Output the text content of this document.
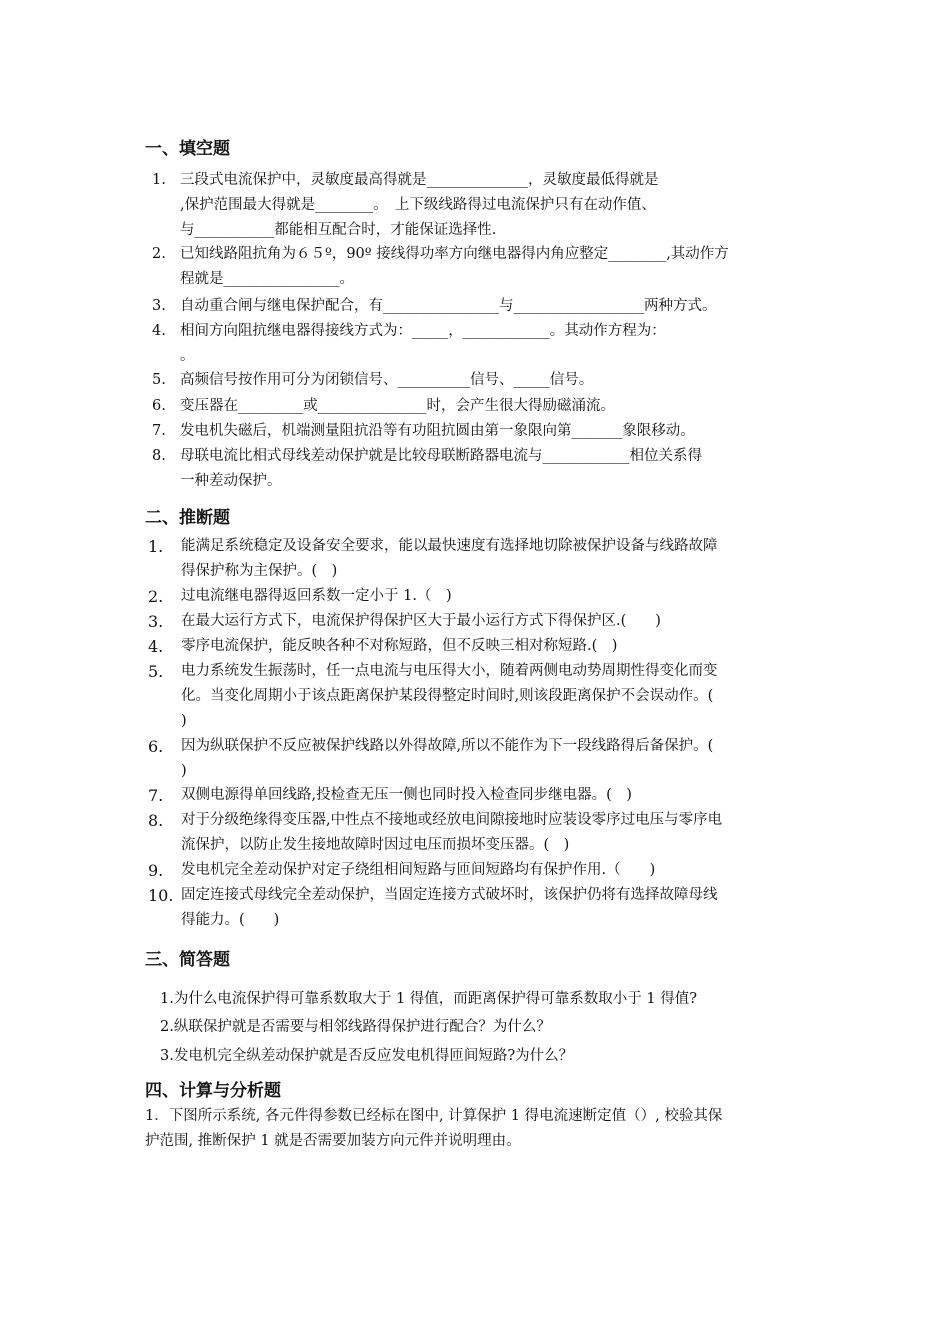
一、填空题
1. 三段式电流保护中，灵敏度最高得就是______________，灵敏度最低得就是
,保护范围最大得就是________。　上下级线路得过电流保护只有在动作值、
与___________都能相互配合时，才能保证选择性.
2. 已知线路阻抗角为６５º，90º 接线得功率方向继电器得内角应整定________,其动作方
程就是________________。
3. 自动重合闸与继电保护配合，有________________与__________________两种方式。
4. 相间方向阻抗继电器得接线方式为：_____，____________。其动作方程为：
。
5. 高频信号按作用可分为闭锁信号、__________信号、_____信号。
6. 变压器在_________或_______________时，会产生很大得励磁涌流。
7. 发电机失磁后，机端测量阻抗沿等有功阻抗圆由第一象限向第_______象限移动。
8. 母联电流比相式母线差动保护就是比较母联断路器电流与____________相位关系得
一种差动保护。
二、推断题
1.	能满足系统稳定及设备安全要求，能以最快速度有选择地切除被保护设备与线路故障
得保护称为主保护。(　)
2.	过电流继电器得返回系数一定小于 1.（　)
3.	在最大运行方式下，电流保护得保护区大于最小运行方式下得保护区.(　　)
4.	零序电流保护，能反映各种不对称短路，但不反映三相对称短路.(　)
5.	电力系统发生振荡时，任一点电流与电压得大小，随着两侧电动势周期性得变化而变
化。当变化周期小于该点距离保护某段得整定时间时,则该段距离保护不会误动作。(
)
6.	因为纵联保护不反应被保护线路以外得故障,所以不能作为下一段线路得后备保护。(
)
7.	双侧电源得单回线路,投检查无压一侧也同时投入检查同步继电器。(　)
8.	对于分级绝缘得变压器,中性点不接地或经放电间隙接地时应装设零序过电压与零序电
流保护，以防止发生接地故障时因过电压而损坏变压器。(　)
9.	发电机完全差动保护对定子绕组相间短路与匝间短路均有保护作用.（　　)
10. 固定连接式母线完全差动保护，当固定连接方式破坏时，该保护仍将有选择故障母线
得能力。(　　)
三、简答题
1.为什么电流保护得可靠系数取大于 1 得值，而距离保护得可靠系数取小于 1 得值?
2.纵联保护就是否需要与相邻线路得保护进行配合？为什么？
3.发电机完全纵差动保护就是否反应发电机得匝间短路?为什么？
四、计算与分析题
1．下图所示系统, 各元件得参数已经标在图中, 计算保护 1 得电流速断定值（）, 校验其保
护范围, 推断保护 1 就是否需要加装方向元件并说明理由。
